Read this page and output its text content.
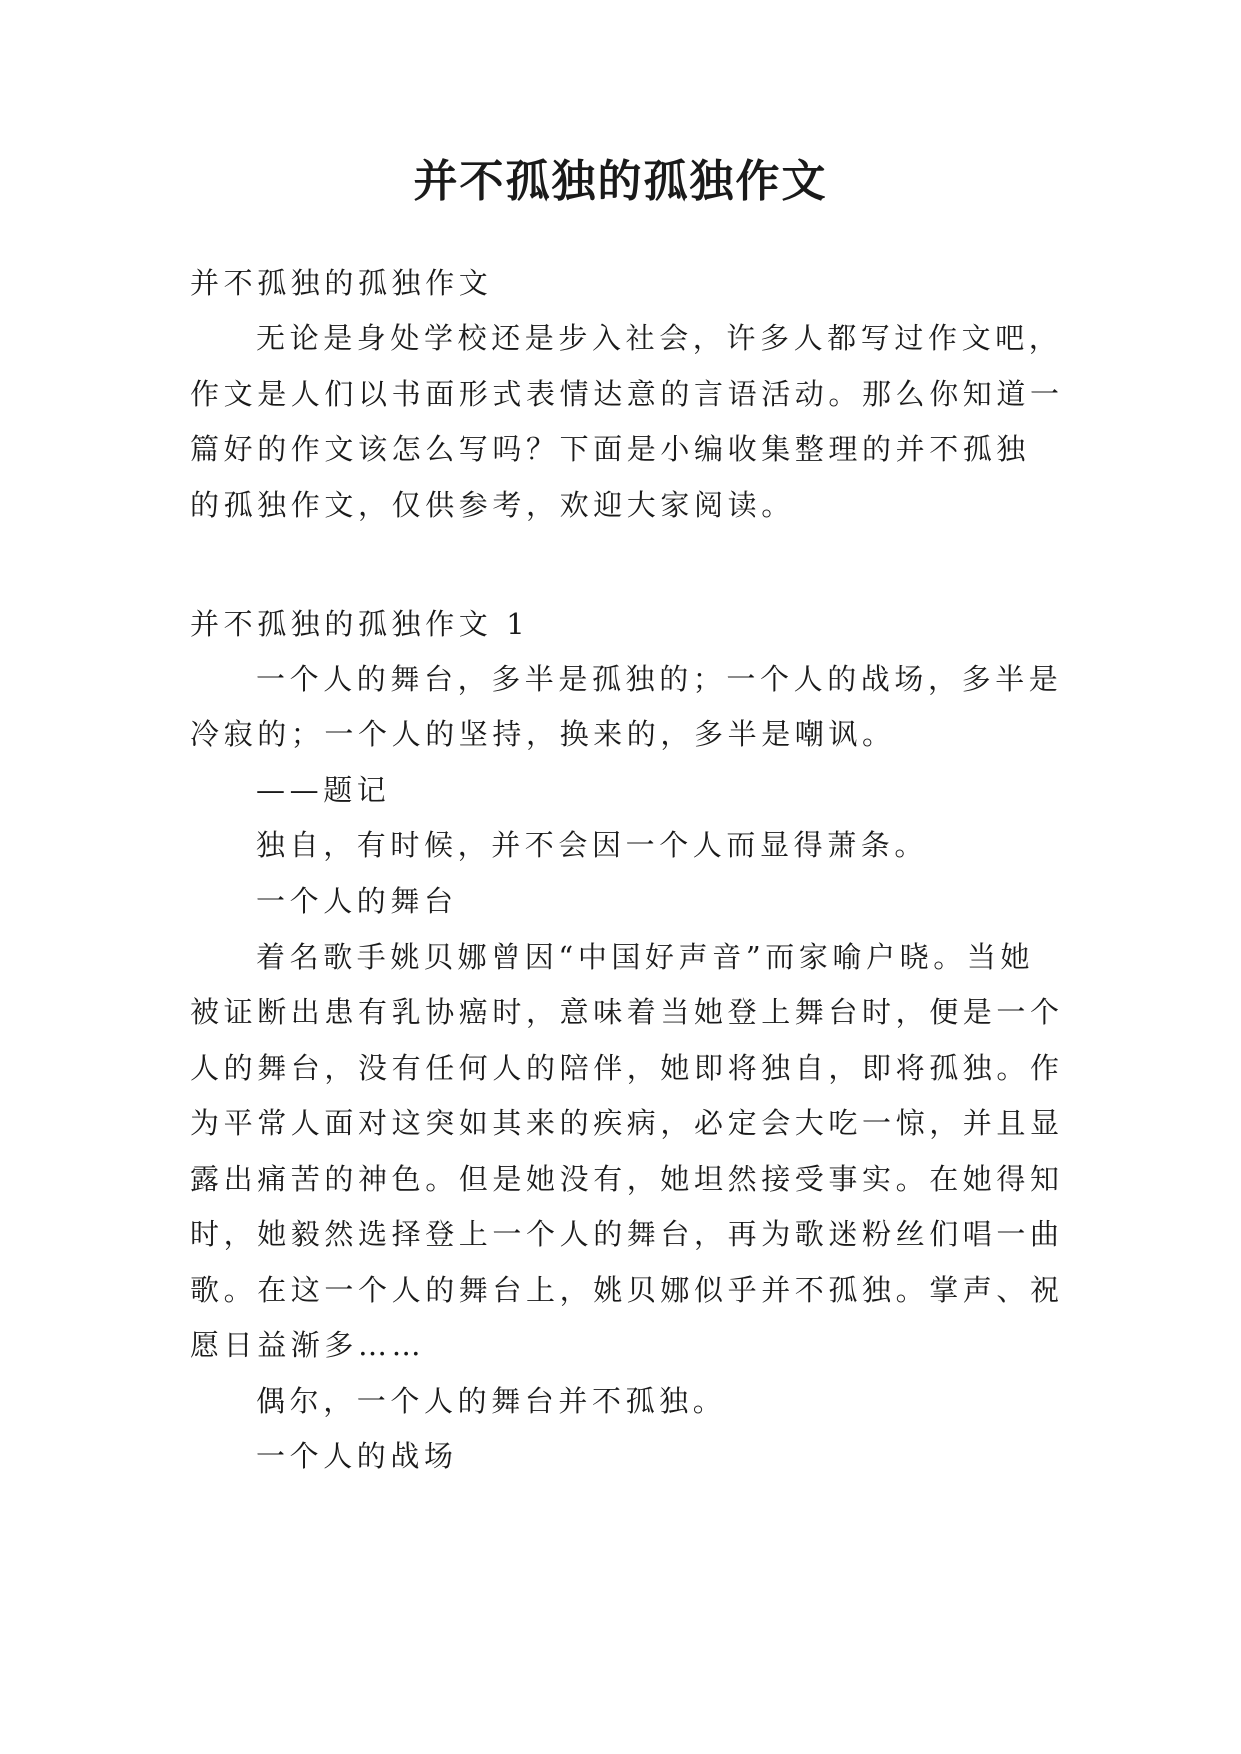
并不孤独的孤独作文
并不孤独的孤独作文
无论是身处学校还是步入社会，许多人都写过作文吧，
作文是人们以书面形式表情达意的言语活动。那么你知道一
篇好的作文该怎么写吗？下面是小编收集整理的并不孤独
的孤独作文，仅供参考，欢迎大家阅读。
并不孤独的孤独作文 1
一个人的舞台，多半是孤独的；一个人的战场，多半是
冷寂的；一个人的坚持，换来的，多半是嘲讽。
——题记
独自，有时候，并不会因一个人而显得萧条。
一个人的舞台
着名歌手姚贝娜曾因“中国好声音”而家喻户晓。当她
被证断出患有乳协癌时，意味着当她登上舞台时，便是一个
人的舞台，没有任何人的陪伴，她即将独自，即将孤独。作
为平常人面对这突如其来的疾病，必定会大吃一惊，并且显
露出痛苦的神色。但是她没有，她坦然接受事实。在她得知
时，她毅然选择登上一个人的舞台，再为歌迷粉丝们唱一曲
歌。在这一个人的舞台上，姚贝娜似乎并不孤独。掌声、祝
愿日益渐多……
偶尔，一个人的舞台并不孤独。
一个人的战场
